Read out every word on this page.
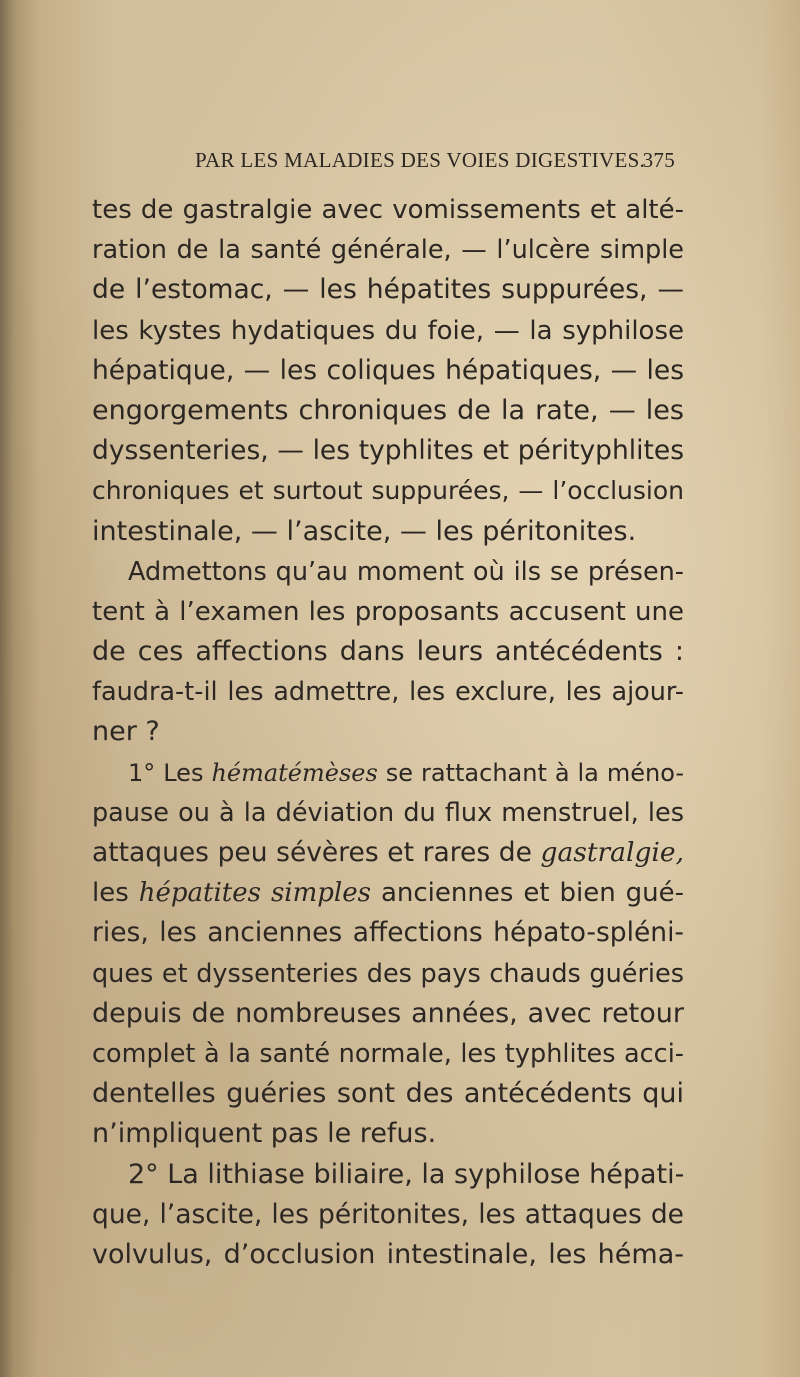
PAR LES MALADIES DES VOIES DIGESTIVES.
375
tes de gastralgie avec vomissements et alté-
ration de la santé générale, — l’ulcère simple
de l’estomac, — les hépatites suppurées, —
les kystes hydatiques du foie, — la syphilose
hépatique, — les coliques hépatiques, — les
engorgements chroniques de la rate, — les
dyssenteries, — les typhlites et pérityphlites
chroniques et surtout suppurées, — l’occlusion
intestinale, — l’ascite, — les péritonites.
Admettons qu’au moment où ils se présen-
tent à l’examen les proposants accusent une
de ces affections dans leurs antécédents :
faudra-t-il les admettre, les exclure, les ajour-
ner ?
1° Les hématémèses se rattachant à la méno-
pause ou à la déviation du flux menstruel, les
attaques peu sévères et rares de gastralgie,
les hépatites simples anciennes et bien gué-
ries, les anciennes affections hépato-spléni-
ques et dyssenteries des pays chauds guéries
depuis de nombreuses années, avec retour
complet à la santé normale, les typhlites acci-
dentelles guéries sont des antécédents qui
n’impliquent pas le refus.
2° La lithiase biliaire, la syphilose hépati-
que, l’ascite, les péritonites, les attaques de
volvulus, d’occlusion intestinale, les héma-
